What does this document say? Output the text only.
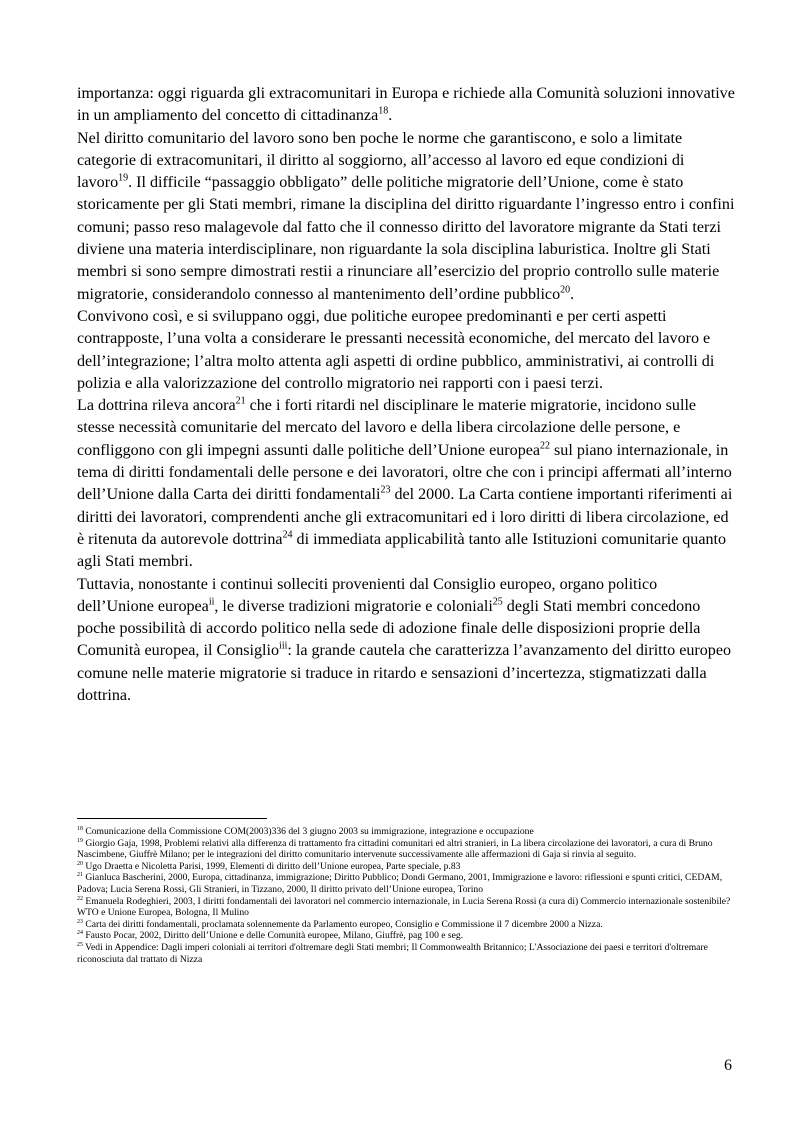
importanza: oggi riguarda gli extracomunitari in Europa e richiede alla Comunità soluzioni innovative in un ampliamento del concetto di cittadinanza$^{18}$.

Nel diritto comunitario del lavoro sono ben poche le norme che garantiscono, e solo a limitate categorie di extracomunitari, il diritto al soggiorno, all’accesso al lavoro ed eque condizioni di lavoro$^{19}$. Il difficile “passaggio obbligato” delle politiche migratorie dell’Unione, come è stato storicamente per gli Stati membri, rimane la disciplina del diritto riguardante l’ingresso entro i confini comuni; passo reso malagevole dal fatto che il connesso diritto del lavoratore migrante da Stati terzi diviene una materia interdisciplinare, non riguardante la sola disciplina laburistica. Inoltre gli Stati membri si sono sempre dimostrati restii a rinunciare all’esercizio del proprio controllo sulle materie migratorie, considerandolo connesso al mantenimento dell’ordine pubblico$^{20}$.

Convivono così, e si sviluppano oggi, due politiche europee predominanti e per certi aspetti contrapposte, l’una volta a considerare le pressanti necessità economiche, del mercato del lavoro e dell’integrazione; l’altra molto attenta agli aspetti di ordine pubblico, amministrativi, ai controlli di polizia e alla valorizzazione del controllo migratorio nei rapporti con i paesi terzi.

La dottrina rileva ancora$^{21}$ che i forti ritardi nel disciplinare le materie migratorie, incidono sulle stesse necessità comunitarie del mercato del lavoro e della libera circolazione delle persone, e confliggono con gli impegni assunti dalle politiche dell’Unione europea$^{22}$ sul piano internazionale, in tema di diritti fondamentali delle persone e dei lavoratori, oltre che con i principi affermati all’interno dell’Unione dalla Carta dei diritti fondamentali$^{23}$ del 2000. La Carta contiene importanti riferimenti ai diritti dei lavoratori, comprendenti anche gli extracomunitari ed i loro diritti di libera circolazione, ed è ritenuta da autorevole dottrina$^{24}$ di immediata applicabilità tanto alle Istituzioni comunitarie quanto agli Stati membri.

Tuttavia, nonostante i continui solleciti provenienti dal Consiglio europeo, organo politico dell’Unione europea$^{ii}$, le diverse tradizioni migratorie e coloniali$^{25}$ degli Stati membri concedono poche possibilità di accordo politico nella sede di adozione finale delle disposizioni proprie della Comunità europea, il Consiglio$^{iii}$: la grande cautela che caratterizza l’avanzamento del diritto europeo comune nelle materie migratorie si traduce in ritardo e sensazioni d’incertezza, stigmatizzati dalla dottrina.

$^{18}$ Comunicazione della Commissione COM(2003)336 del 3 giugno 2003 su immigrazione, integrazione e occupazione

$^{19}$ Giorgio Gaja, 1998, Problemi relativi alla differenza di trattamento fra cittadini comunitari ed altri stranieri, in La libera circolazione dei lavoratori, a cura di Bruno Nascimbene, Giuffrè Milano; per le integrazioni del diritto comunitario intervenute successivamente alle affermazioni di Gaja si rinvia al seguito.

$^{20}$ Ugo Draetta e Nicoletta Parisi, 1999, Elementi di diritto dell’Unione europea, Parte speciale, p.83

$^{21}$ Gianluca Bascherini, 2000, Europa, cittadinanza, immigrazione; Diritto Pubblico; Dondi Germano, 2001, Immigrazione e lavoro: riflessioni e spunti critici, CEDAM, Padova; Lucia Serena Rossi, Gli Stranieri, in Tizzano, 2000, Il diritto privato dell’Unione europea, Torino

$^{22}$ Emanuela Rodeghieri, 2003, I diritti fondamentali dei lavoratori nel commercio internazionale, in Lucia Serena Rossi (a cura di) Commercio internazionale sostenibile? WTO e Unione Europea, Bologna, Il Mulino

$^{23}$ Carta dei diritti fondamentali, proclamata solennemente da Parlamento europeo, Consiglio e Commissione il 7 dicembre 2000 a Nizza.

$^{24}$ Fausto Pocar, 2002, Diritto dell’Unione e delle Comunità europee, Milano, Giuffrè, pag 100 e seg.

$^{25}$ Vedi in Appendice: Dagli imperi coloniali ai territori d'oltremare degli Stati membri; Il Commonwealth Britannico; L'Associazione dei paesi e territori d'oltremare riconosciuta dal trattato di Nizza

6
